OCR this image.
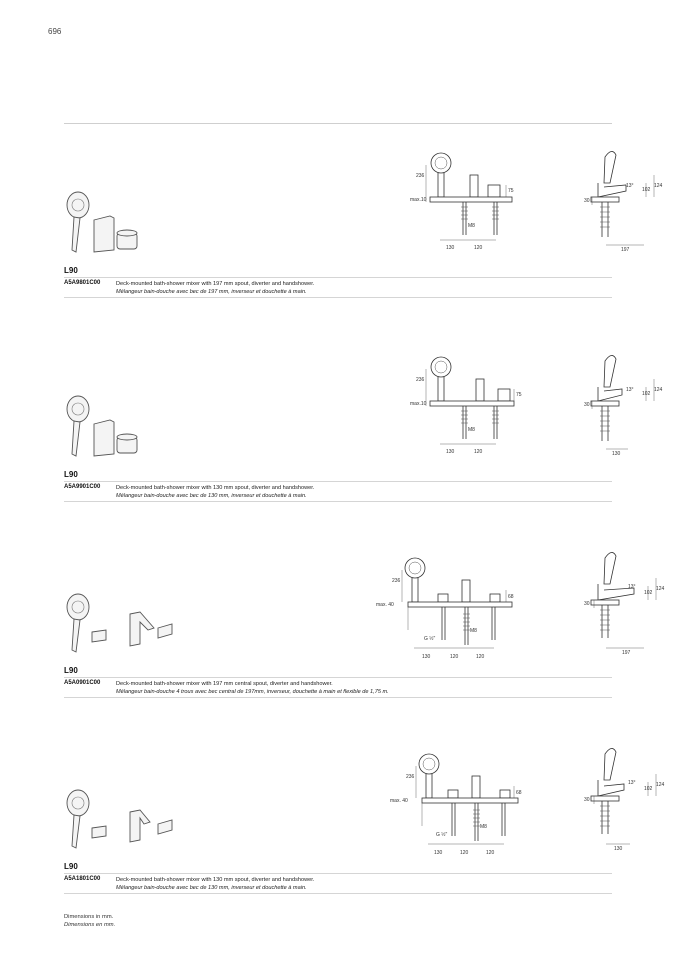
696
236
max.10
M8
75
130	120
30
13°
102
124
197
L90
A5A9801C00	Deck-mounted bath-shower mixer with 197 mm spout, diverter and handshower.
Mélangeur bain-douche avec bec de 197 mm, inverseur et douchette à main.
236
max.10
M8
75
130	120
30
13°
102
124
130
L90
A5A9901C00	Deck-mounted bath-shower mixer with 130 mm spout, diverter and handshower.
Mélangeur bain-douche avec bec de 130 mm, inverseur et douchette à main.
236
max. 40
M8
G ½"
68
130	120	120
30
13°
102
124
197
L90
A5A0901C00	Deck-mounted bath-shower mixer with 197 mm central spout, diverter and handshower.
Mélangeur bain-douche 4 trous avec bec central de 197mm, inverseur, douchette à main et flexible de 1,75 m.
236
max. 40
M8
G ½"
68
130	120	120
30
13°
102
124
130
L90
A5A1801C00	Deck-mounted bath-shower mixer with 130 mm spout, diverter and handshower.
Mélangeur bain-douche avec bec de 130 mm, inverseur et douchette à main.
Dimensions in mm.
Dimensions en mm.
